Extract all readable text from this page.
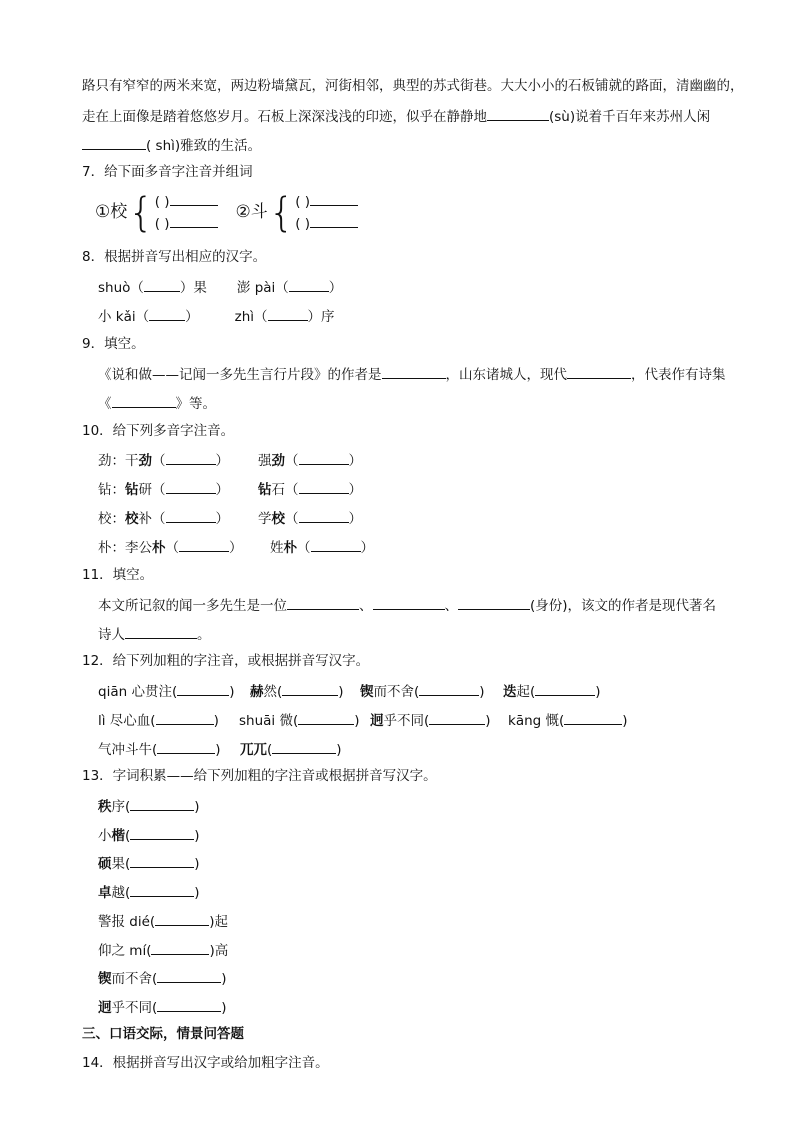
路只有窄窄的两米来宽，两边粉墙黛瓦，河街相邻，典型的苏式街巷。大大小小的石板铺就的路面，清幽幽的，
走在上面像是踏着悠悠岁月。石板上深深浅浅的印迹，似乎在静静地	(sù)说着千百年来苏州人闲
( shì)雅致的生活。
7．给下面多音字注音并组词
①校{ ( )
( )
②斗{ ( )
( )
8．根据拼音写出相应的汉字。
shuò（	）果 澎 pài（	）
小 kǎi（	）	zhì（	）序
9．填空。
《说和做——记闻一多先生言行片段》的作者是	，山东诸城人，现代	，代表作有诗集
《	》等。
10．给下列多音字注音。
劲：干劲（	） 强劲（	）
钻：钻研（	） 钻石（	）
校：校补（	） 学校（	）
朴：李公朴（	） 姓朴（	）
11．填空。
本文所记叙的闻一多先生是一位	、	、	(身份)，该文的作者是现代著名
诗人	。
12．给下列加粗的字注音，或根据拼音写汉字。
qiān 心贯注(	) 赫然(	) 锲而不舍(	) 迭起(	)
lì 尽心血(	) shuāi 微(	) 迥乎不同(	) kāng 慨(	)
气冲斗牛(	) 兀兀(	)
13．字词积累——给下列加粗的字注音或根据拼音写汉字。
秩序(	)
小楷(	)
硕果(	)
卓越(	)
警报 dié(	)起
仰之 mí(	)高
锲而不舍(	)
迥乎不同(	)
三、口语交际，情景问答题
14．根据拼音写出汉字或给加粗字注音。
